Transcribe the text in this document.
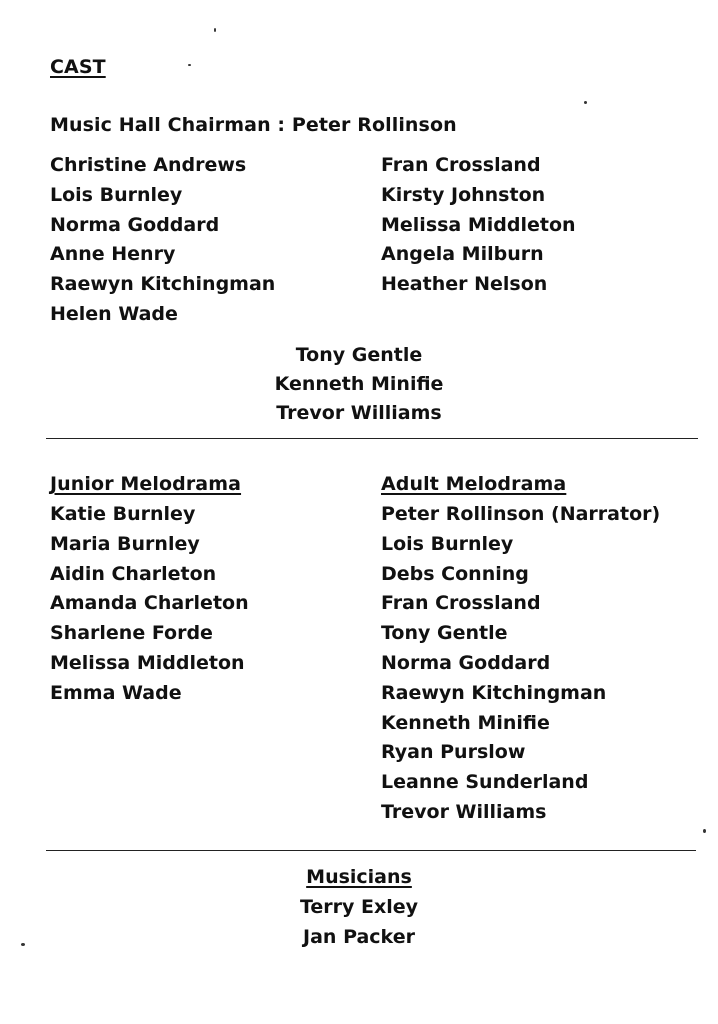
CAST
Music Hall Chairman : Peter Rollinson
Christine Andrews
Lois Burnley
Norma Goddard
Anne Henry
Raewyn Kitchingman
Helen Wade
Fran Crossland
Kirsty Johnston
Melissa Middleton
Angela Milburn
Heather Nelson
Tony Gentle
Kenneth Minifie
Trevor Williams
Junior Melodrama
Katie Burnley
Maria Burnley
Aidin Charleton
Amanda Charleton
Sharlene Forde
Melissa Middleton
Emma Wade
Adult Melodrama
Peter Rollinson (Narrator)
Lois Burnley
Debs Conning
Fran Crossland
Tony Gentle
Norma Goddard
Raewyn Kitchingman
Kenneth Minifie
Ryan Purslow
Leanne Sunderland
Trevor Williams
Musicians
Terry Exley
Jan Packer
